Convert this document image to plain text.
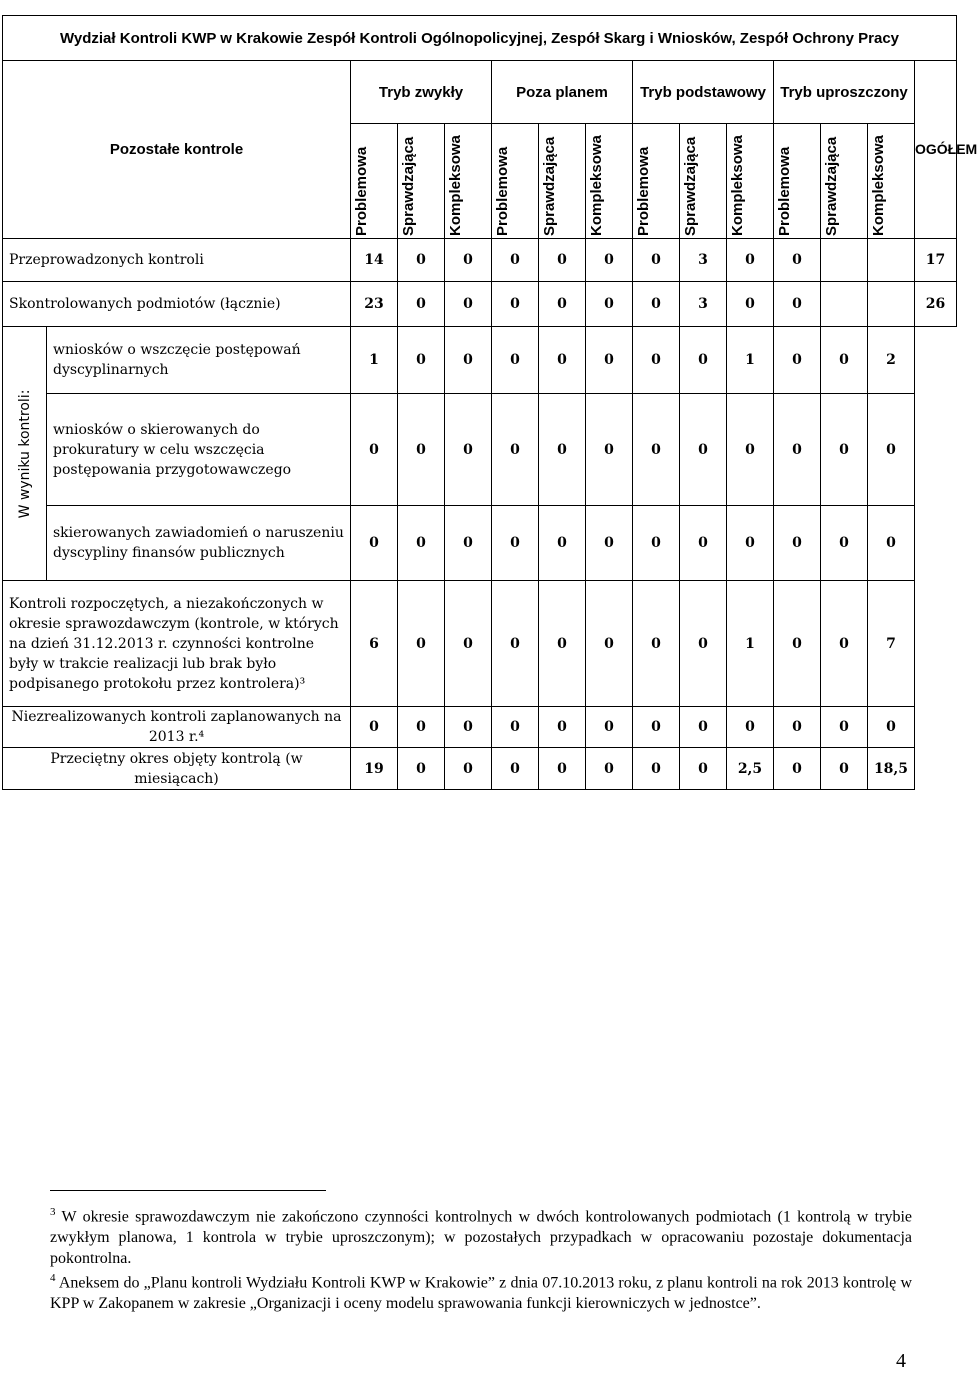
Wydział Kontroli KWP w Krakowie Zespół Kontroli Ogólnopolicyjnej, Zespół Skarg i Wniosków, Zespół Ochrony Pracy														
Pozostałe kontrole		Tryb zwykły			Poza planem			Tryb podstawowy			Tryb uproszczony			OGÓŁEM

		Problemowa	Sprawdzająca	Kompleksowa	Problemowa	Sprawdzająca	Kompleksowa	Problemowa	Sprawdzająca	Kompleksowa	Problemowa	Sprawdzająca	Kompleksowa	

Przeprowadzonych kontroli		14	0	0	0	0	0	0	3	0	0			17
Skontrolowanych podmiotów (łącznie)		23	0	0	0	0	0	0	3	0	0			26

W wyniku kontroli:	wniosków o wszczęcie postępowań dyscyplinarnych	1	0	0	0	0	0	0	0	1	0	0	2	
	wniosków o skierowanych do prokuratury w celu wszczęcia postępowania przygotowawczego	0	0	0	0	0	0	0	0	0	0	0	0	
	skierowanych zawiadomień o naruszeniu dyscypliny finansów publicznych	0	0	0	0	0	0	0	0	0	0	0	0	
Kontroli rozpoczętych, a niezakończonych w okresie sprawozdawczym (kontrole, w których na dzień 31.12.2013 r. czynności kontrolne były w trakcie realizacji lub brak było podpisanego protokołu przez kontrolera)³		6	0	0	0	0	0	0	0	1	0	0	7	
Niezrealizowanych kontroli zaplanowanych na 2013 r.⁴		0	0	0	0	0	0	0	0	0	0	0	0	
Przeciętny okres objęty kontrolą (w miesiącach)		19	0	0	0	0	0	0	0	2,5	0	0	18,5	
$^3$ W okresie sprawozdawczym nie zakończono czynności kontrolnych w dwóch kontrolowanych podmiotach (1 kontrolą w trybie zwykłym planowa, 1 kontrola w trybie uproszczonym); w pozostałych przypadkach w opracowaniu pozostaje dokumentacja pokontrolna.
$^4$ Aneksem do „Planu kontroli Wydziału Kontroli KWP w Krakowie” z dnia 07.10.2013 roku, z planu kontroli na rok 2013 kontrolę w KPP w Zakopanem w zakresie „Organizacji i oceny modelu sprawowania funkcji kierowniczych w jednostce”.
4
